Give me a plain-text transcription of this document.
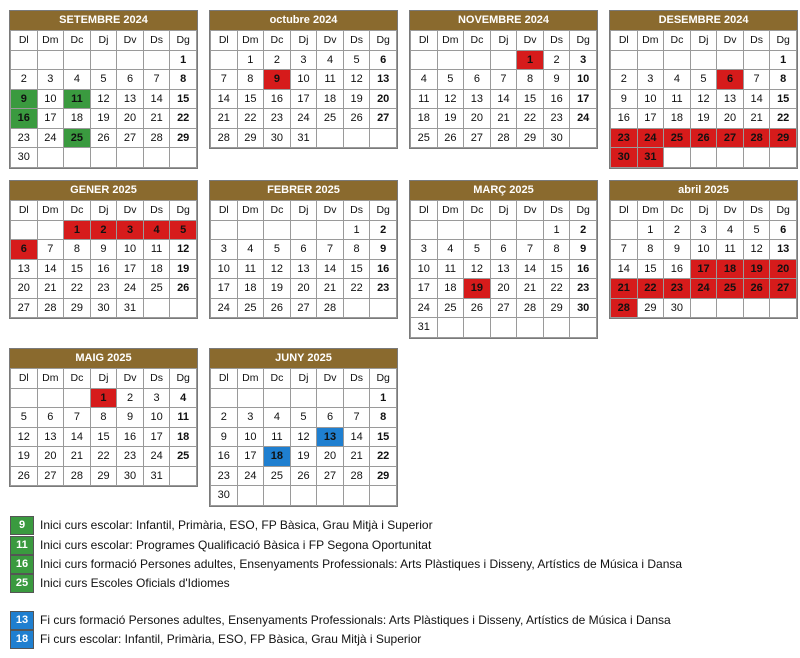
SETEMBRE 2024
Dl	Dm	Dc	Dj	Dv	Ds	Dg
						1
2	3	4	5	6	7	8
9	10	11	12	13	14	15
16	17	18	19	20	21	22
23	24	25	26	27	28	29
30						
octubre 2024
Dl	Dm	Dc	Dj	Dv	Ds	Dg
	1	2	3	4	5	6
7	8	9	10	11	12	13
14	15	16	17	18	19	20
21	22	23	24	25	26	27
28	29	30	31			
NOVEMBRE 2024
Dl	Dm	Dc	Dj	Dv	Ds	Dg
				1	2	3
4	5	6	7	8	9	10
11	12	13	14	15	16	17
18	19	20	21	22	23	24
25	26	27	28	29	30	
DESEMBRE 2024
Dl	Dm	Dc	Dj	Dv	Ds	Dg
						1
2	3	4	5	6	7	8
9	10	11	12	13	14	15
16	17	18	19	20	21	22
23	24	25	26	27	28	29
30	31					
GENER 2025
Dl	Dm	Dc	Dj	Dv	Ds	Dg
		1	2	3	4	5
6	7	8	9	10	11	12
13	14	15	16	17	18	19
20	21	22	23	24	25	26
27	28	29	30	31		
FEBRER 2025
Dl	Dm	Dc	Dj	Dv	Ds	Dg
					1	2
3	4	5	6	7	8	9
10	11	12	13	14	15	16
17	18	19	20	21	22	23
24	25	26	27	28		
MARÇ 2025
Dl	Dm	Dc	Dj	Dv	Ds	Dg
					1	2
3	4	5	6	7	8	9
10	11	12	13	14	15	16
17	18	19	20	21	22	23
24	25	26	27	28	29	30
31						
abril 2025
Dl	Dm	Dc	Dj	Dv	Ds	Dg
	1	2	3	4	5	6
7	8	9	10	11	12	13
14	15	16	17	18	19	20
21	22	23	24	25	26	27
28	29	30				
MAIG 2025
Dl	Dm	Dc	Dj	Dv	Ds	Dg
			1	2	3	4
5	6	7	8	9	10	11
12	13	14	15	16	17	18
19	20	21	22	23	24	25
26	27	28	29	30	31	
JUNY 2025
Dl	Dm	Dc	Dj	Dv	Ds	Dg
						1
2	3	4	5	6	7	8
9	10	11	12	13	14	15
16	17	18	19	20	21	22
23	24	25	26	27	28	29
30						
9 Inici curs escolar: Infantil, Primària, ESO, FP Bàsica, Grau Mitjà i Superior
11 Inici curs escolar: Programes Qualificació Bàsica i FP Segona Oportunitat
16 Inici curs formació Persones adultes, Ensenyaments Professionals: Arts Plàstiques i Disseny, Artístics de Música i Dansa
25 Inici curs Escoles Oficials d'Idiomes
13 Fi curs formació Persones adultes, Ensenyaments Professionals: Arts Plàstiques i Disseny, Artístics de Música i Dansa
18 Fi curs escolar: Infantil, Primària, ESO, FP Bàsica, Grau Mitjà i Superior
